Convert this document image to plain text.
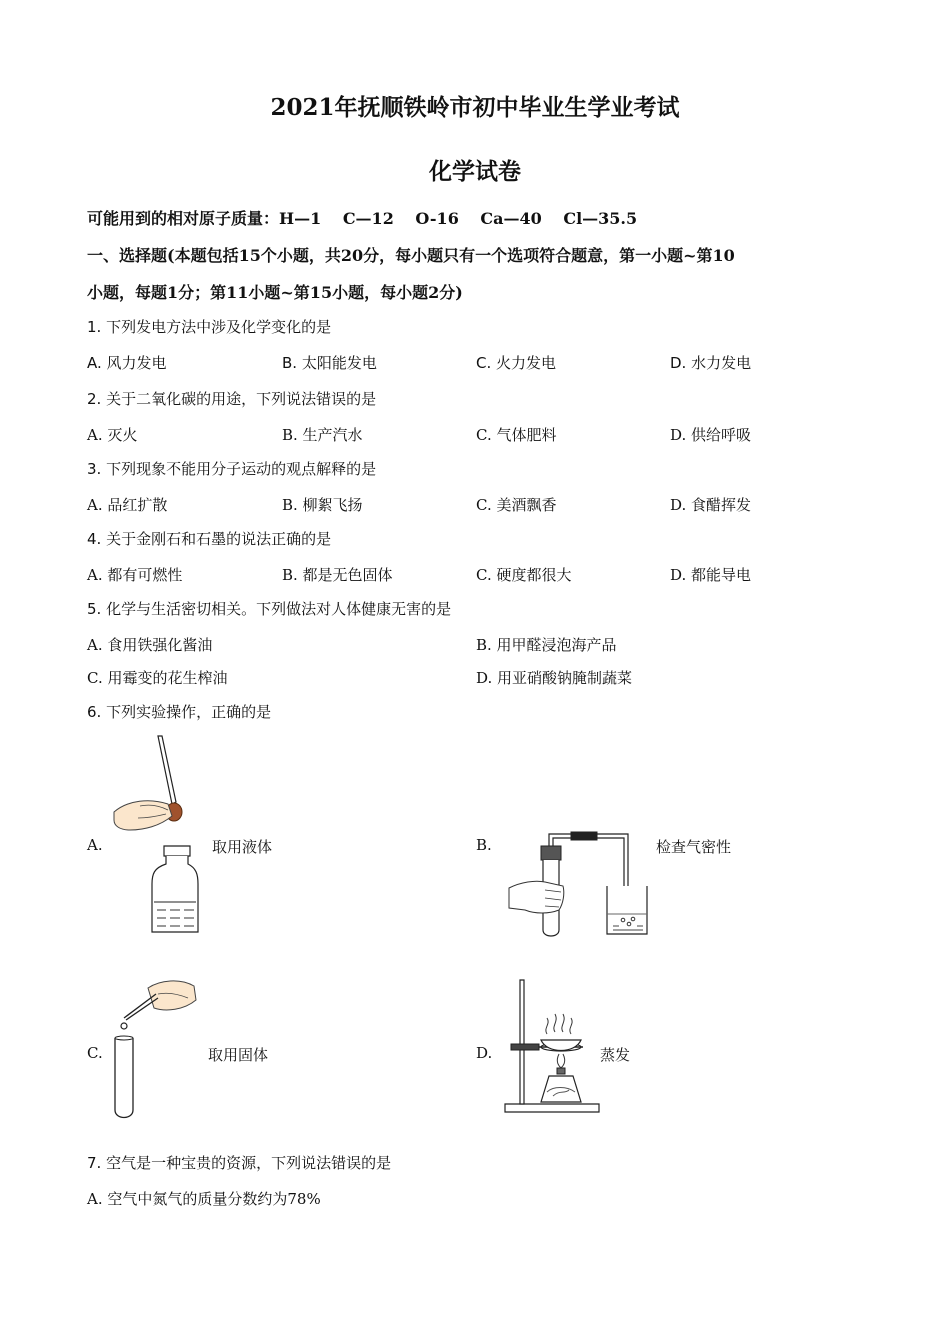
2021年抚顺铁岭市初中毕业生学业考试
化学试卷
可能用到的相对原子质量：H—1　 C—12　 O-16　 Ca—40　 Cl—35.5
一、选择题(本题包括15个小题，共20分，每小题只有一个选项符合题意，第一小题~第10
小题，每题1分；第11小题~第15小题，每小题2分)
1. 下列发电方法中涉及化学变化的是
A. 风力发电	B. 太阳能发电	C. 火力发电	D. 水力发电
2. 关于二氧化碳的用途，下列说法错误的是
A. 灭火	B. 生产汽水	C. 气体肥料	D. 供给呼吸
3. 下列现象不能用分子运动的观点解释的是
A. 品红扩散	B. 柳絮飞扬	C. 美酒飘香	D. 食醋挥发
4. 关于金刚石和石墨的说法正确的是
A. 都有可燃性	B. 都是无色固体	C. 硬度都很大	D. 都能导电
5. 化学与生活密切相关。下列做法对人体健康无害的是
A. 食用铁强化酱油	B. 用甲醛浸泡海产品
C. 用霉变的花生榨油	D. 用亚硝酸钠腌制蔬菜
6. 下列实验操作，正确的是
A.	取用液体	B.	检查气密性
C.	取用固体	D.	蒸发
7. 空气是一种宝贵的资源，下列说法错误的是
A. 空气中氮气的质量分数约为78%
